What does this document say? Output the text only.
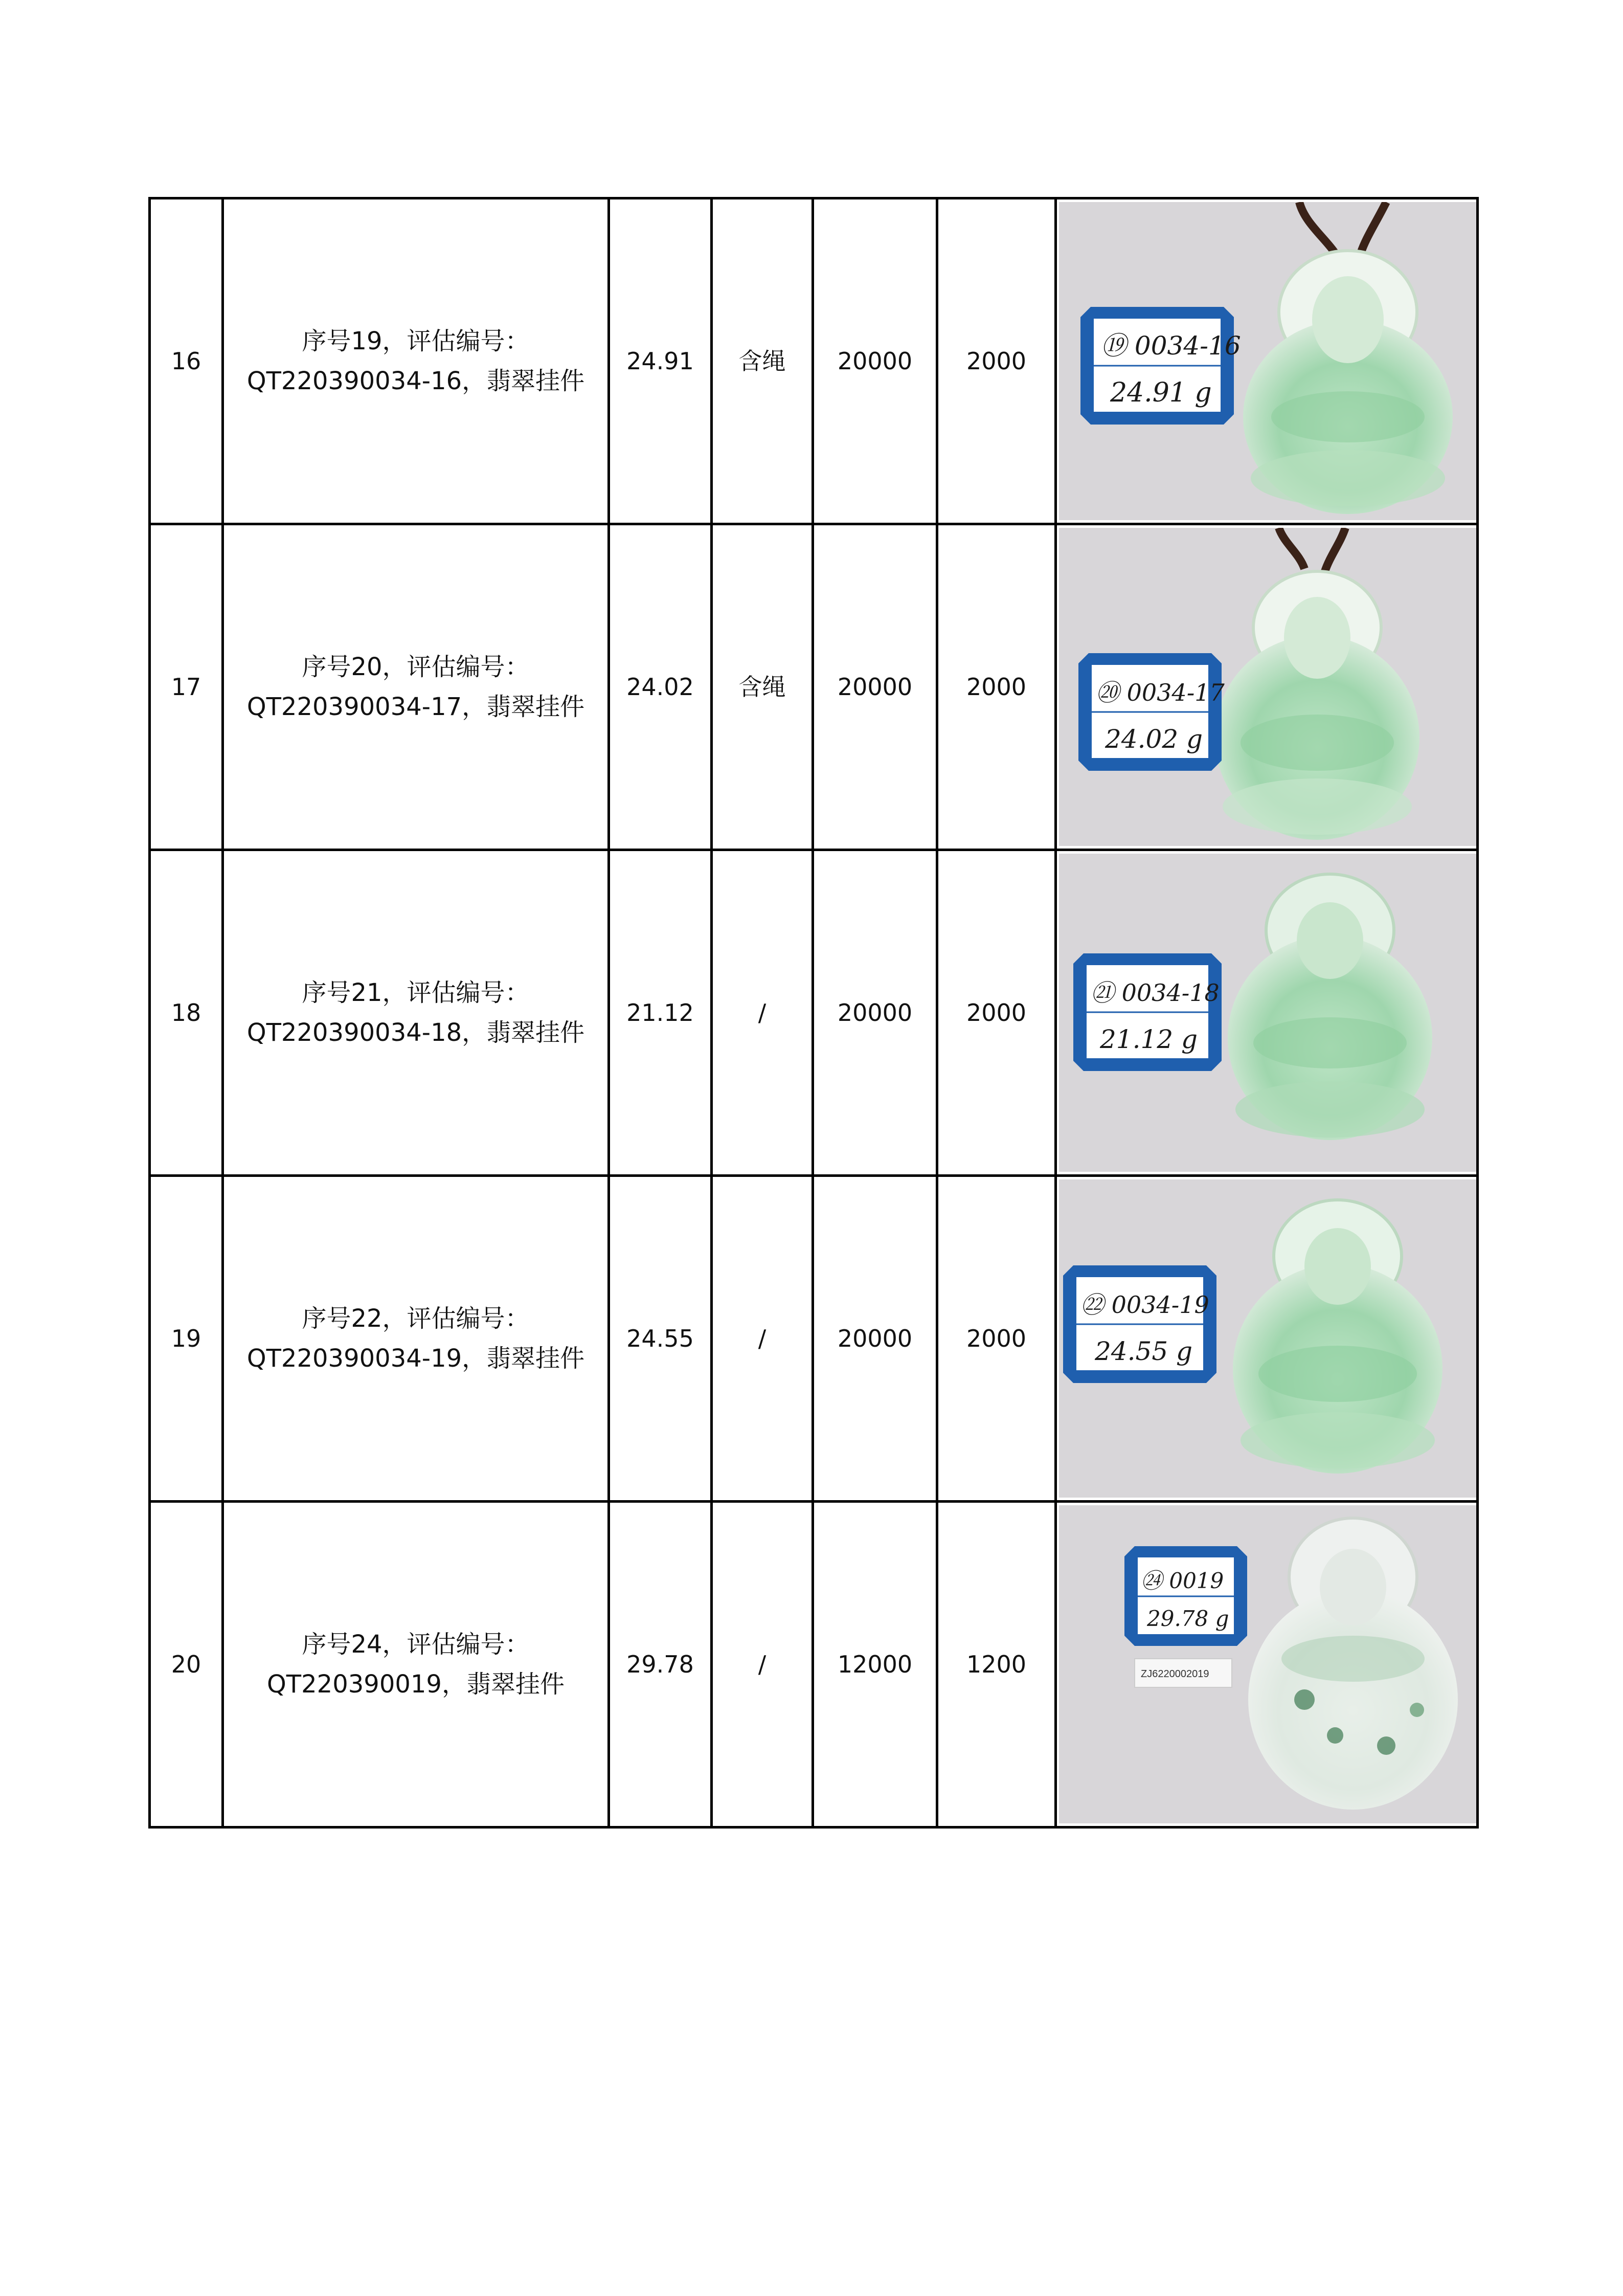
16	序号19，评估编号：
QT220390034-16，翡翠挂件	24.91	含绳	20000	2000	⑲ 0034-16
24.91 g

17	序号20，评估编号：
QT220390034-17，翡翠挂件	24.02	含绳	20000	2000	⑳ 0034-17
24.02 g

18	序号21，评估编号：
QT220390034-18，翡翠挂件	21.12	/	20000	2000	㉑ 0034-18
21.12 g

19	序号22，评估编号：
QT220390034-19，翡翠挂件	24.55	/	20000	2000	㉒ 0034-19
24.55 g

20	序号24，评估编号：
QT220390019，翡翠挂件	29.78	/	12000	1200	㉔ 0019
29.78 g
ZJ6220002019
